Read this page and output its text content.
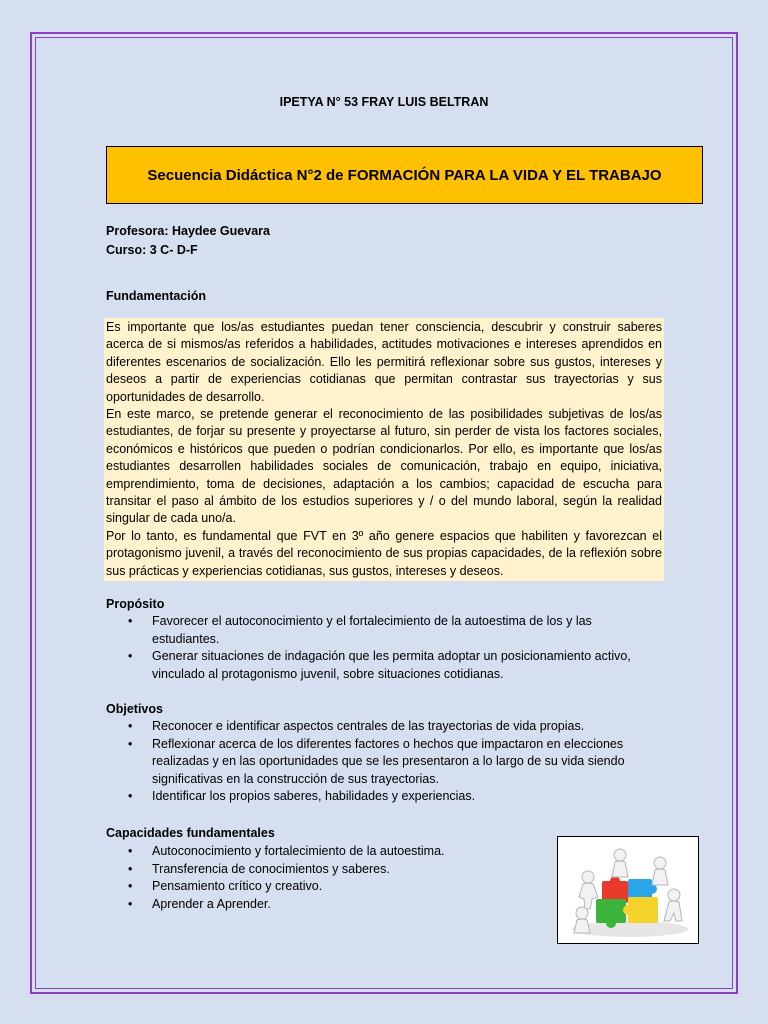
IPETYA N° 53 FRAY LUIS BELTRAN
Secuencia Didáctica N°2 de FORMACIÓN PARA LA VIDA Y EL TRABAJO
Profesora: Haydee Guevara
Curso: 3 C- D-F
Fundamentación

Es importante que los/as estudiantes puedan tener consciencia, descubrir y construir saberes acerca de si mismos/as referidos a habilidades, actitudes motivaciones e intereses aprendidos en diferentes escenarios de socialización. Ello les permitirá reflexionar sobre sus gustos, intereses y deseos a partir de experiencias cotidianas que permitan contrastar sus trayectorias y sus oportunidades de desarrollo.

En este marco, se pretende generar el reconocimiento de las posibilidades subjetivas de los/as estudiantes, de forjar su presente y proyectarse al futuro, sin perder de vista los factores sociales, económicos e históricos que pueden o podrían condicionarlos. Por ello, es importante que los/as estudiantes desarrollen habilidades sociales de comunicación, trabajo en equipo, iniciativa, emprendimiento, toma de decisiones, adaptación a los cambios; capacidad de escucha para transitar el paso al ámbito de los estudios superiores y / o del mundo laboral, según la realidad singular de cada uno/a.

Por lo tanto, es fundamental que FVT en 3º año genere espacios que habiliten y favorezcan el protagonismo juvenil, a través del reconocimiento de sus propias capacidades, de la reflexión sobre sus prácticas y experiencias cotidianas, sus gustos, intereses y deseos.

Propósito
• Favorecer el autoconocimiento y el fortalecimiento de la autoestima de los y las estudiantes.
• Generar situaciones de indagación que les permita adoptar un posicionamiento activo, vinculado al protagonismo juvenil, sobre situaciones cotidianas.
Objetivos
• Reconocer e identificar aspectos centrales de las trayectorias de vida propias.
• Reflexionar acerca de los diferentes factores o hechos que impactaron en elecciones realizadas y en las oportunidades que se les presentaron a lo largo de su vida siendo significativas en la construcción de sus trayectorias.
• Identificar los propios saberes, habilidades y experiencias.
Capacidades fundamentales
• Autoconocimiento y fortalecimiento de la autoestima.
• Transferencia de conocimientos y saberes.
• Pensamiento crítico y creativo.
• Aprender a Aprender.
